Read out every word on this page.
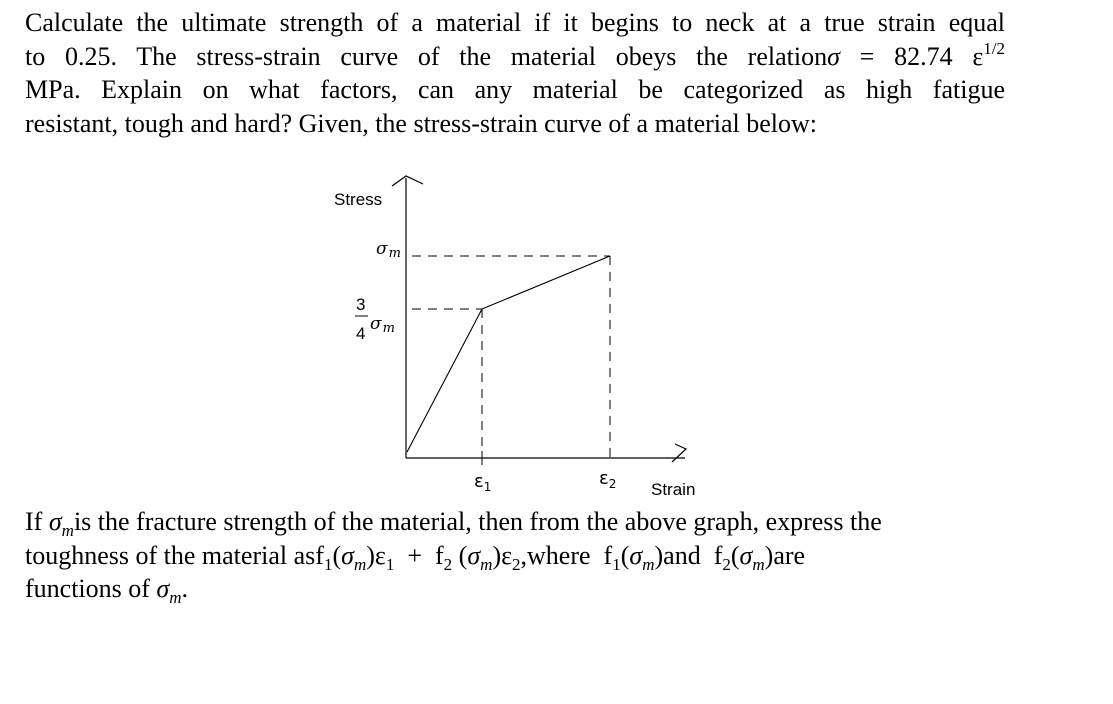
Calculate the ultimate strength of a material if it begins to neck at a true strain equal
to 0.25. The stress-strain curve of the material obeys the relationσ = 82.74 $\varepsilon^{1/2}$
MPa. Explain on what factors, can any material be categorized as high fatigue
resistant, tough and hard? Given, the stress-strain curve of a material below:
Stress
Strain
σm
3
4 σm
$\varepsilon_1$	$\varepsilon_2$
If $\sigma_mis$ the fracture strength of the material, then from the above graph, express the
toughness of the material $asf_1(\sigma_m)\varepsilon_1 + f_2$ $(\sigma_m)\varepsilon_2,where$  $f_1(\sigma_m)and$  $f_2(\sigma_m)are$
functions of $\sigma_m$.
